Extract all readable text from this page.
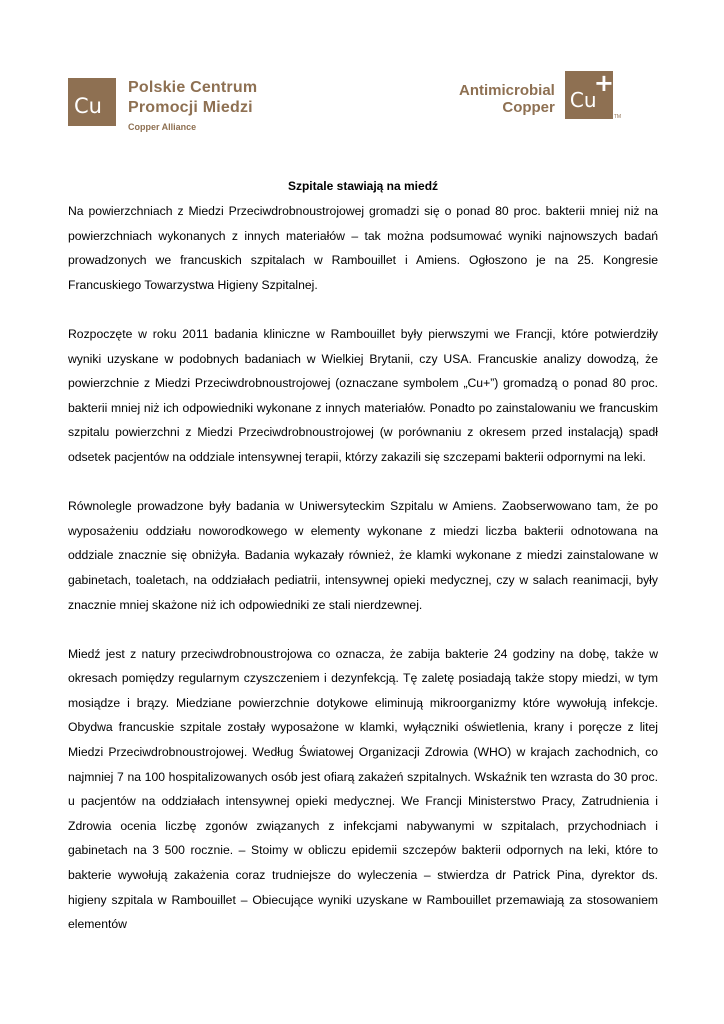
Cu
Polskie Centrum
Promocji Miedzi
Copper Alliance
Antimicrobial
Copper Cu
+
TM

Szpitale stawiają na miedź

Na powierzchniach z Miedzi Przeciwdrobnoustrojowej gromadzi się o ponad 80 proc. bakterii mniej niż na powierzchniach wykonanych z innych materiałów – tak można podsumować wyniki najnowszych badań prowadzonych we francuskich szpitalach w Rambouillet i Amiens. Ogłoszono je na 25. Kongresie Francuskiego Towarzystwa Higieny Szpitalnej.

Rozpoczęte w roku 2011 badania kliniczne w Rambouillet były pierwszymi we Francji, które potwierdziły wyniki uzyskane w podobnych badaniach w Wielkiej Brytanii, czy USA. Francuskie analizy dowodzą, że powierzchnie z Miedzi Przeciwdrobnoustrojowej (oznaczane symbolem „Cu+”) gromadzą o ponad 80 proc. bakterii mniej niż ich odpowiedniki wykonane z innych materiałów. Ponadto po zainstalowaniu we francuskim szpitalu powierzchni z Miedzi Przeciwdrobnoustrojowej (w porównaniu z okresem przed instalacją) spadł odsetek pacjentów na oddziale intensywnej terapii, którzy zakazili się szczepami bakterii odpornymi na leki.

Równolegle prowadzone były badania w Uniwersyteckim Szpitalu w Amiens. Zaobserwowano tam, że po wyposażeniu oddziału noworodkowego w elementy wykonane z miedzi liczba bakterii odnotowana na oddziale znacznie się obniżyła. Badania wykazały również, że klamki wykonane z miedzi zainstalowane w gabinetach, toaletach, na oddziałach pediatrii, intensywnej opieki medycznej, czy w salach reanimacji, były znacznie mniej skażone niż ich odpowiedniki ze stali nierdzewnej.

Miedź jest z natury przeciwdrobnoustrojowa co oznacza, że zabija bakterie 24 godziny na dobę, także w okresach pomiędzy regularnym czyszczeniem i dezynfekcją. Tę zaletę posiadają także stopy miedzi, w tym mosiądze i brązy. Miedziane powierzchnie dotykowe eliminują mikroorganizmy które wywołują infekcje. Obydwa francuskie szpitale zostały wyposażone w klamki, wyłączniki oświetlenia, krany i poręcze z litej Miedzi Przeciwdrobnoustrojowej. Według Światowej Organizacji Zdrowia (WHO) w krajach zachodnich, co najmniej 7 na 100 hospitalizowanych osób jest ofiarą zakażeń szpitalnych. Wskaźnik ten wzrasta do 30 proc. u pacjentów na oddziałach intensywnej opieki medycznej. We Francji Ministerstwo Pracy, Zatrudnienia i Zdrowia ocenia liczbę zgonów związanych z infekcjami nabywanymi w szpitalach, przychodniach i gabinetach na 3 500 rocznie. – Stoimy w obliczu epidemii szczepów bakterii odpornych na leki, które to bakterie wywołują zakażenia coraz trudniejsze do wyleczenia – stwierdza dr Patrick Pina, dyrektor ds. higieny szpitala w Rambouillet – Obiecujące wyniki uzyskane w Rambouillet przemawiają za stosowaniem elementów
